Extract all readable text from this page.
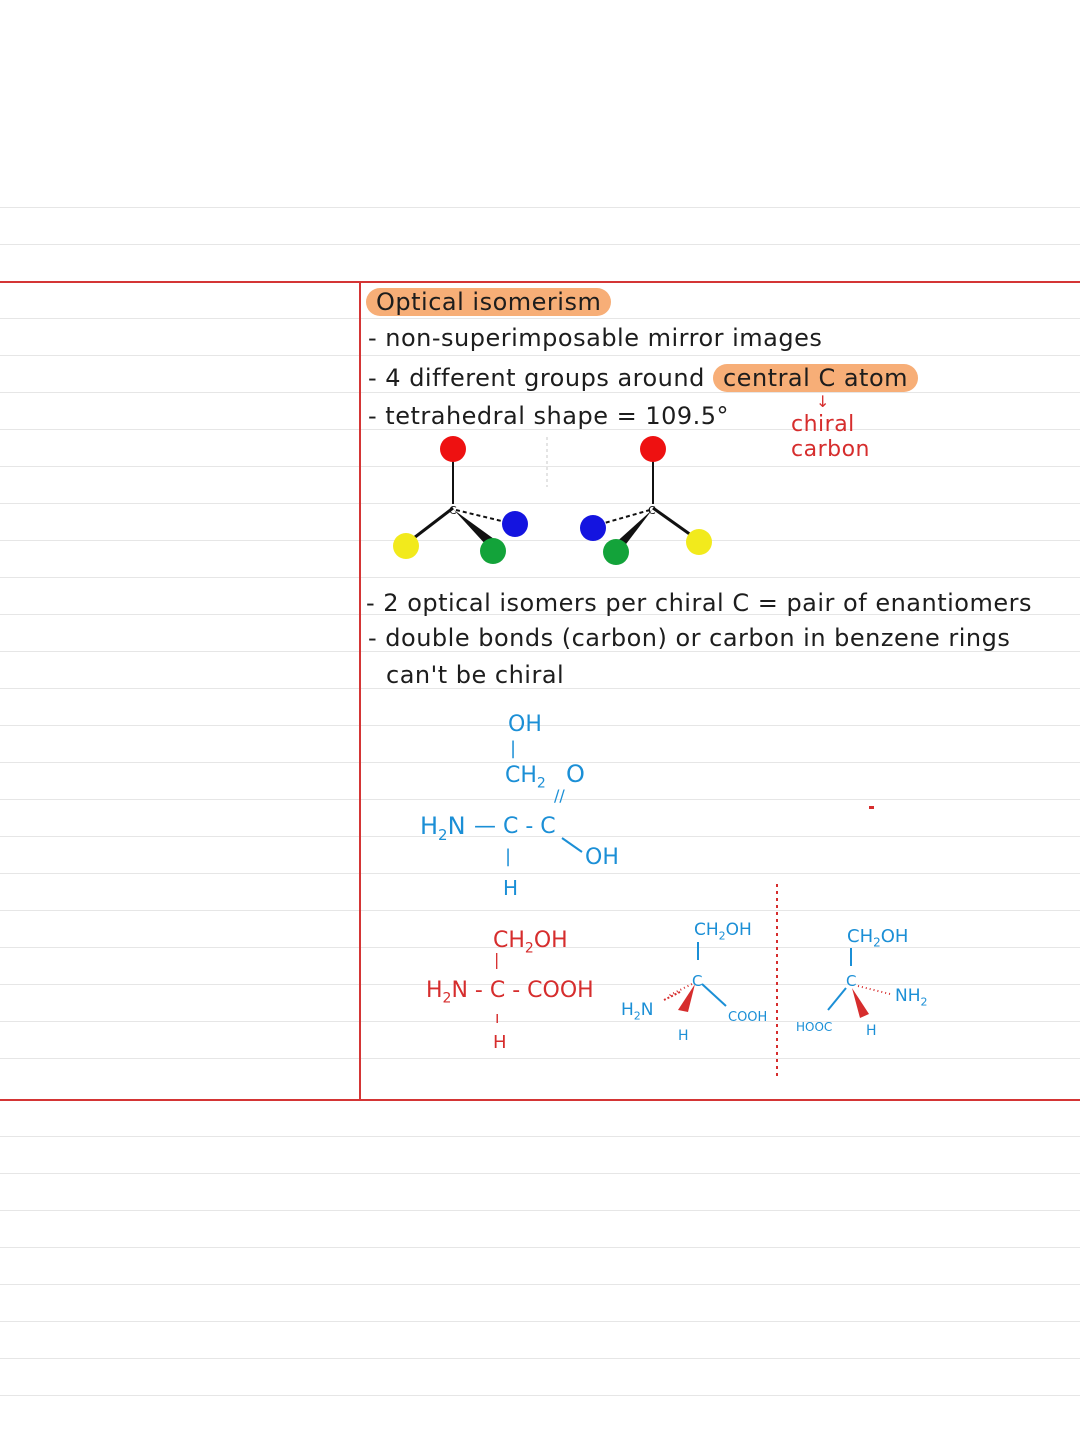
Optical isomerism
- non-superimposable mirror images
- 4 different groups around central C atom
- tetrahedral shape = 109.5°
↓
chiral
carbon
C	C
- 2 optical isomers per chiral C = pair of enantiomers
- double bonds (carbon) or carbon in benzene rings
can't be chiral
OH
|
$CH_2$ O
//
$H_2N$ — C - C
OH
|
H
$CH_2OH$
|
$H_2N$ - C - COOH
ı
H
$CH_2OH$
C
$H_2N$	COOH
H
$CH_2OH$
C
$NH_2$
HOOC H
